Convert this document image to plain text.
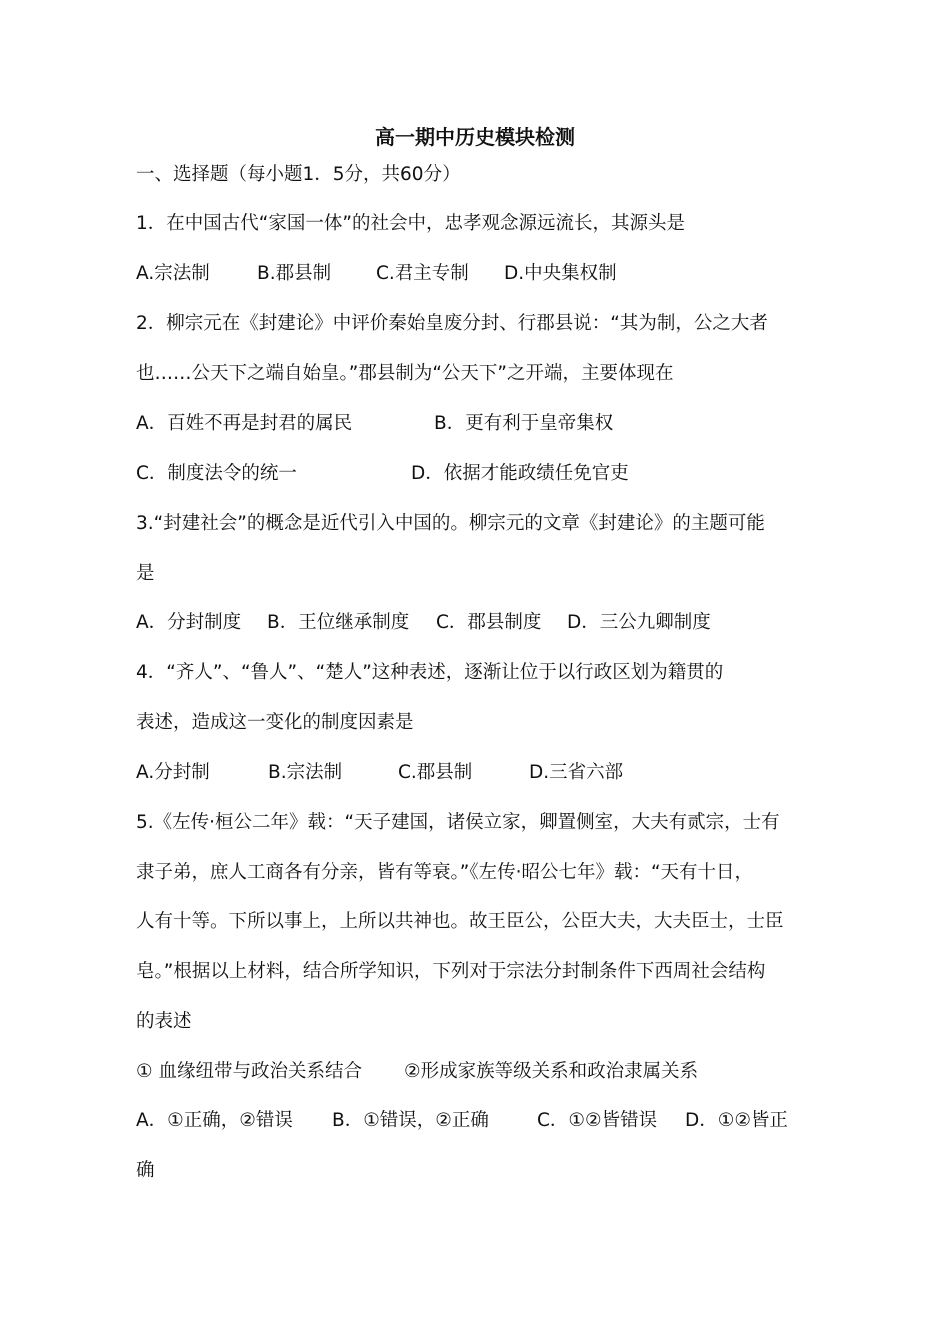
高一期中历史模块检测
一、选择题（每小题1．5分，共60分）
1．在中国古代“家国一体”的社会中，忠孝观念源远流长，其源头是
A.宗法制	B.郡县制 C.君主专制 D.中央集权制
2．柳宗元在《封建论》中评价秦始皇废分封、行郡县说：“其为制，公之大者
也……公天下之端自始皇。”郡县制为“公天下”之开端，主要体现在
A．百姓不再是封君的属民	B．更有利于皇帝集权
C．制度法令的统一	D．依据才能政绩任免官吏
3.“封建社会”的概念是近代引入中国的。柳宗元的文章《封建论》的主题可能
是
A．分封制度 B．王位继承制度 C．郡县制度 D．三公九卿制度
4．“齐人”、“鲁人”、“楚人”这种表述，逐渐让位于以行政区划为籍贯的
表述，造成这一变化的制度因素是
A.分封制	B.宗法制	C.郡县制	D.三省六部
5.《左传·桓公二年》载：“天子建国，诸侯立家，卿置侧室，大夫有贰宗，士有
隶子弟，庶人工商各有分亲，皆有等衰。”《左传·昭公七年》载：“天有十日，
人有十等。下所以事上，上所以共神也。故王臣公，公臣大夫，大夫臣士，士臣
皂。”根据以上材料，结合所学知识，下列对于宗法分封制条件下西周社会结构
的表述
① 血缘纽带与政治关系结合 ②形成家族等级关系和政治隶属关系
A．①正确，②错误 B．①错误，②正确	C．①②皆错误 D．①②皆正
确
